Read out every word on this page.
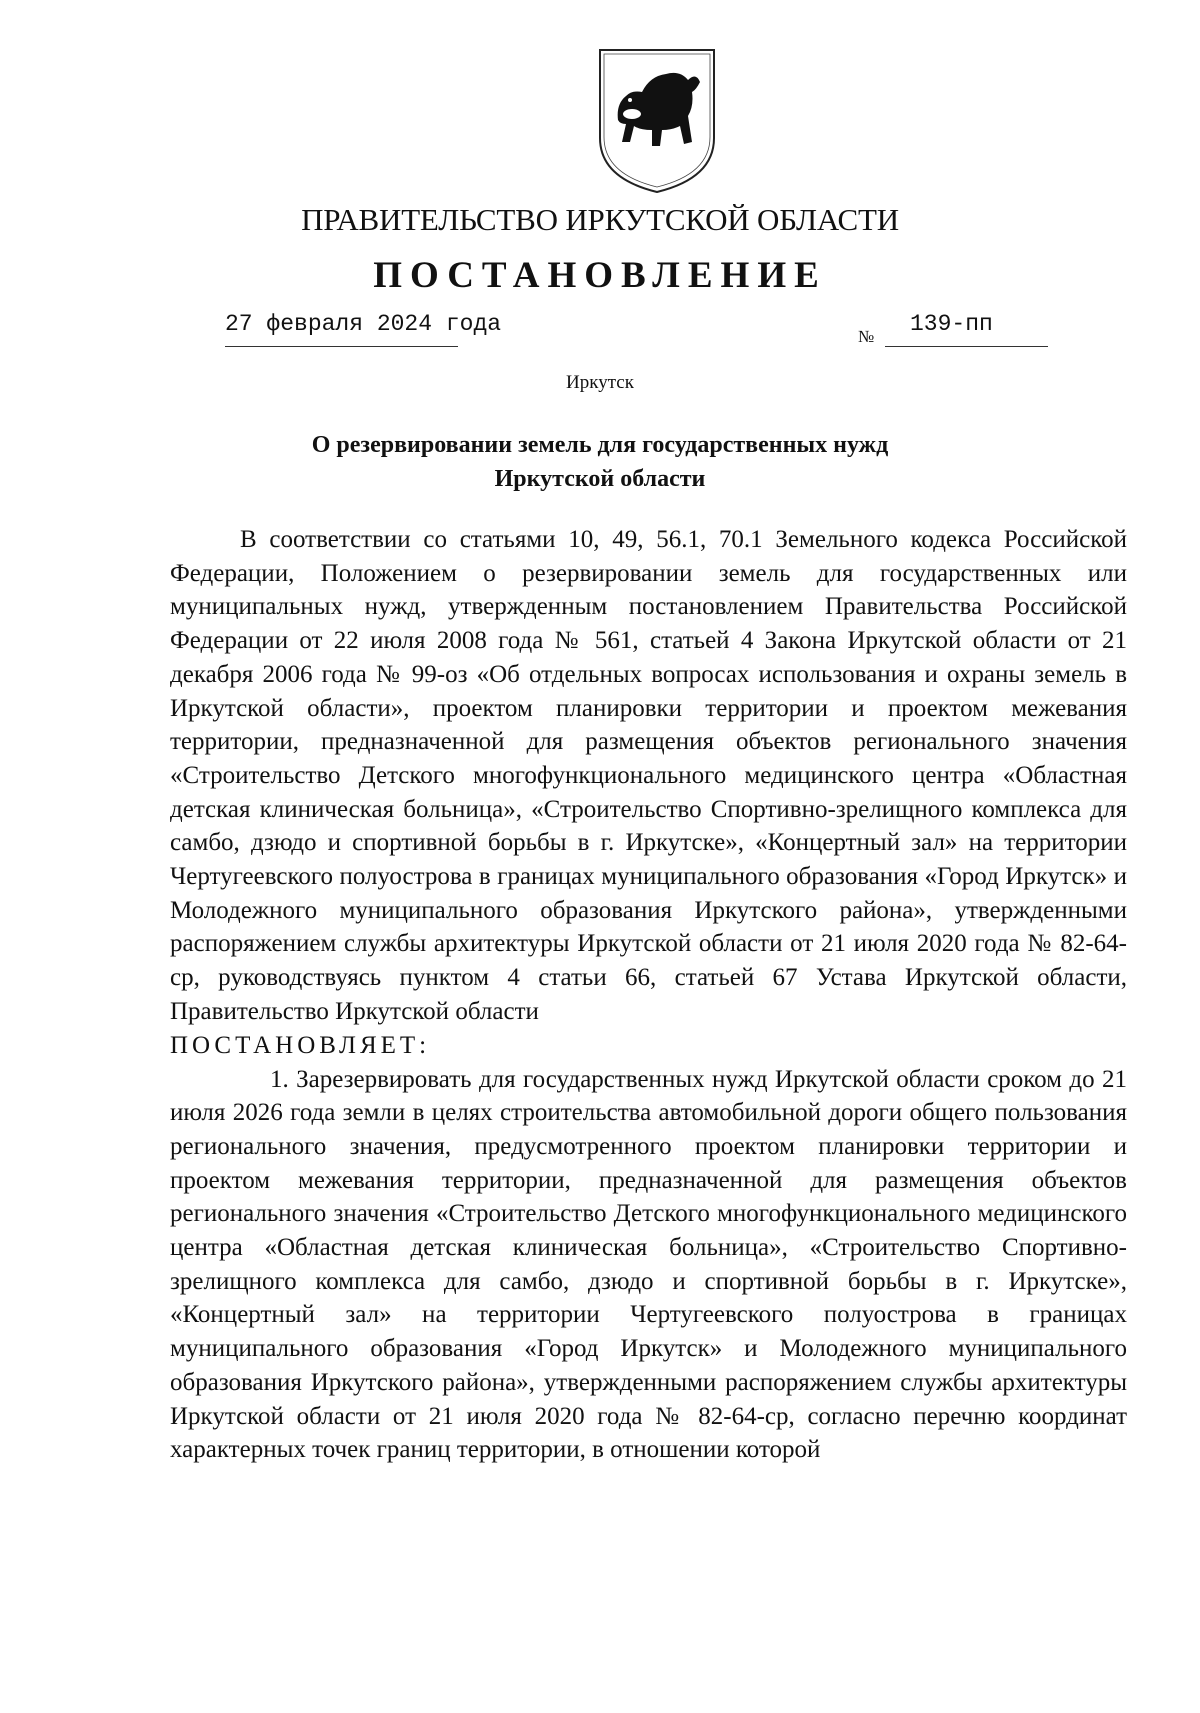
ПРАВИТЕЛЬСТВО ИРКУТСКОЙ ОБЛАСТИ
ПОСТАНОВЛЕНИЕ
27 февраля 2024 года	№ 139-пп
Иркутск
О резервировании земель для государственных нужд
Иркутской области

В соответствии со статьями 10, 49, 56.1, 70.1 Земельного кодекса Российской Федерации, Положением о резервировании земель для государственных или муниципальных нужд, утвержденным постановлением Правительства Российской Федерации от 22 июля 2008 года № 561, статьей 4 Закона Иркутской области от 21 декабря 2006 года № 99-оз «Об отдельных вопросах использования и охраны земель в Иркутской области», проектом планировки территории и проектом межевания территории, предназначенной для размещения объектов регионального значения «Строительство Детского многофункционального медицинского центра «Областная детская клиническая больница», «Строительство Спортивно-зрелищного комплекса для самбо, дзюдо и спортивной борьбы в г. Иркутске», «Концертный зал» на территории Чертугеевского полуострова в границах муниципального образования «Город Иркутск» и Молодежного муниципального образования Иркутского района», утвержденными распоряжением службы архитектуры Иркутской области от 21 июля 2020 года № 82-64-ср, руководствуясь пунктом 4 статьи 66, статьей 67 Устава Иркутской области, Правительство Иркутской области

ПОСТАНОВЛЯЕТ:

1. Зарезервировать для государственных нужд Иркутской области сроком до 21 июля 2026 года земли в целях строительства автомобильной дороги общего пользования регионального значения, предусмотренного проектом планировки территории и проектом межевания территории, предназначенной для размещения объектов регионального значения «Строительство Детского многофункционального медицинского центра «Областная детская клиническая больница», «Строительство Спортивно-зрелищного комплекса для самбо, дзюдо и спортивной борьбы в г. Иркутске», «Концертный зал» на территории Чертугеевского полуострова в границах муниципального образования «Город Иркутск» и Молодежного муниципального образования Иркутского района», утвержденными распоряжением службы архитектуры Иркутской области от 21 июля 2020 года № 82-64-ср, согласно перечню координат характерных точек границ территории, в отношении которой
